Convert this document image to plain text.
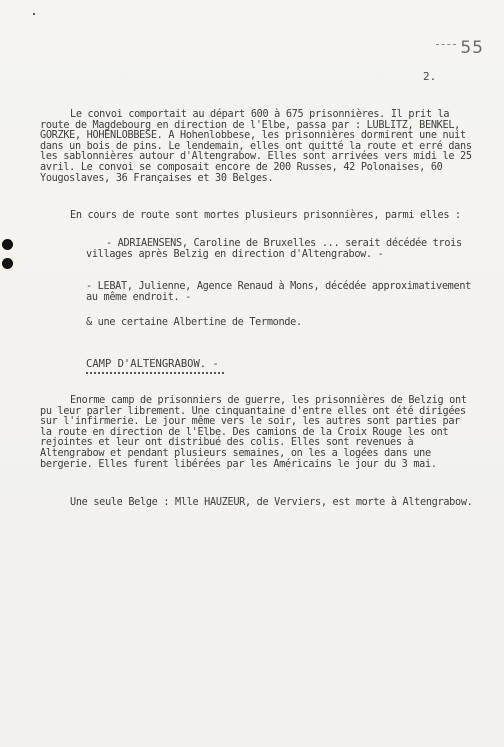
55
2.
Le convoi comportait au départ 600 à 675 prisonnières. Il prit la route de Magdebourg en direction de l'Elbe, passa par : LUBLITZ, BENKEL, GORZKE, HOHENLOBBESE. A Hohenlobbese, les prisonnières dormirent une nuit dans un bois de pins. Le lendemain, elles ont quitté la route et erré dans les sablonnières autour d'Altengrabow. Elles sont arrivées vers midi le 25 avril. Le convoi se composait encore de 200 Russes, 42 Polonaises, 60 Yougoslaves, 36 Françaises et 30 Belges.
En cours de route sont mortes plusieurs prisonnières, parmi elles :
- ADRIAENSENS, Caroline de Bruxelles ... serait décédée trois villages après Belzig en direction d'Altengrabow. -
- LEBAT, Julienne, Agence Renaud à Mons, décédée approximativement au même endroit. -
& une certaine Albertine de Termonde.
CAMP D'ALTENGRABOW. -
Enorme camp de prisonniers de guerre, les prisonnières de Belzig ont pu leur parler librement. Une cinquantaine d'entre elles ont été dirigées sur l'infirmerie. Le jour même vers le soir, les autres sont parties par la route en direction de l'Elbe. Des camions de la Croix Rouge les ont rejointes et leur ont distribué des colis. Elles sont revenues à Altengrabow et pendant plusieurs semaines, on les a logées dans une bergerie. Elles furent libérées par les Américains le jour du 3 mai.
Une seule Belge : Mlle HAUZEUR, de Verviers, est morte à Altengrabow.
